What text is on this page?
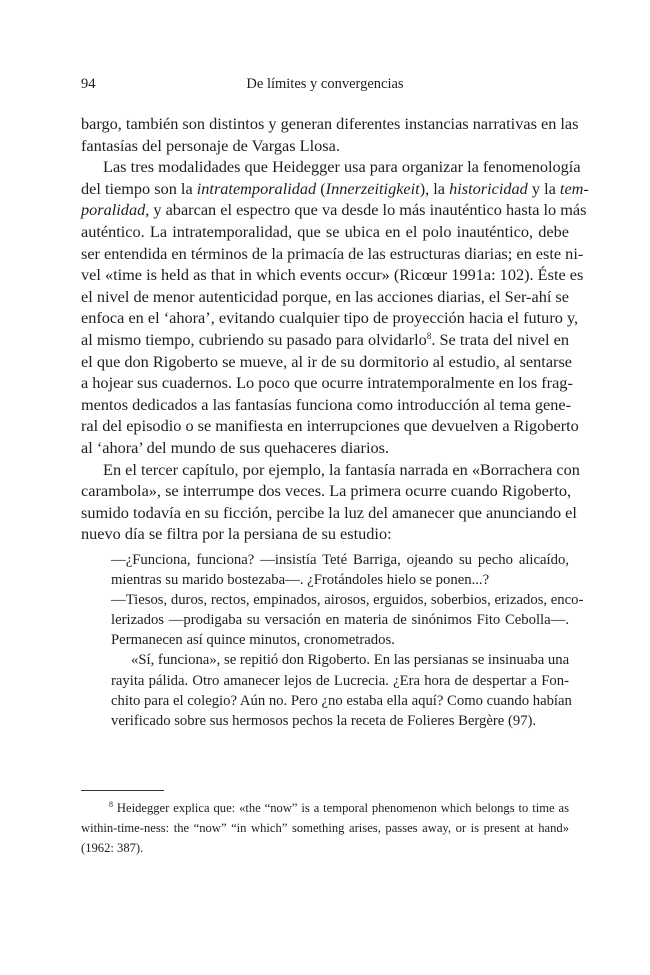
94	De límites y convergencias
bargo, también son distintos y generan diferentes instancias narrativas en las
fantasías del personaje de Vargas Llosa.
Las tres modalidades que Heidegger usa para organizar la fenomenología
del tiempo son la intratemporalidad (Innerzeitigkeit), la historicidad y la tem-
poralidad, y abarcan el espectro que va desde lo más inauténtico hasta lo más
auténtico. La intratemporalidad, que se ubica en el polo inauténtico, debe
ser entendida en términos de la primacía de las estructuras diarias; en este ni-
vel «time is held as that in which events occur» (Ricœur 1991a: 102). Éste es
el nivel de menor autenticidad porque, en las acciones diarias, el Ser-ahí se
enfoca en el ‘ahora’, evitando cualquier tipo de proyección hacia el futuro y,
al mismo tiempo, cubriendo su pasado para olvidarlo$^8$. Se trata del nivel en
el que don Rigoberto se mueve, al ir de su dormitorio al estudio, al sentarse
a hojear sus cuadernos. Lo poco que ocurre intratemporalmente en los frag-
mentos dedicados a las fantasías funciona como introducción al tema gene-
ral del episodio o se manifiesta en interrupciones que devuelven a Rigoberto
al ‘ahora’ del mundo de sus quehaceres diarios.
En el tercer capítulo, por ejemplo, la fantasía narrada en «Borrachera con
carambola», se interrumpe dos veces. La primera ocurre cuando Rigoberto,
sumido todavía en su ficción, percibe la luz del amanecer que anunciando el
nuevo día se filtra por la persiana de su estudio:
—¿Funciona, funciona? —insistía Teté Barriga, ojeando su pecho alicaído,
mientras su marido bostezaba—. ¿Frotándoles hielo se ponen...?
—Tiesos, duros, rectos, empinados, airosos, erguidos, soberbios, erizados, enco-
lerizados —prodigaba su versación en materia de sinónimos Fito Cebolla—.
Permanecen así quince minutos, cronometrados.
«Sí, funciona», se repitió don Rigoberto. En las persianas se insinuaba una
rayita pálida. Otro amanecer lejos de Lucrecia. ¿Era hora de despertar a Fon-
chito para el colegio? Aún no. Pero ¿no estaba ella aquí? Como cuando habían
verificado sobre sus hermosos pechos la receta de Folieres Bergère (97).
$^8$ Heidegger explica que: «the “now” is a temporal phenomenon which belongs to time as
within-time-ness: the “now” “in which” something arises, passes away, or is present at hand»
(1962: 387).
